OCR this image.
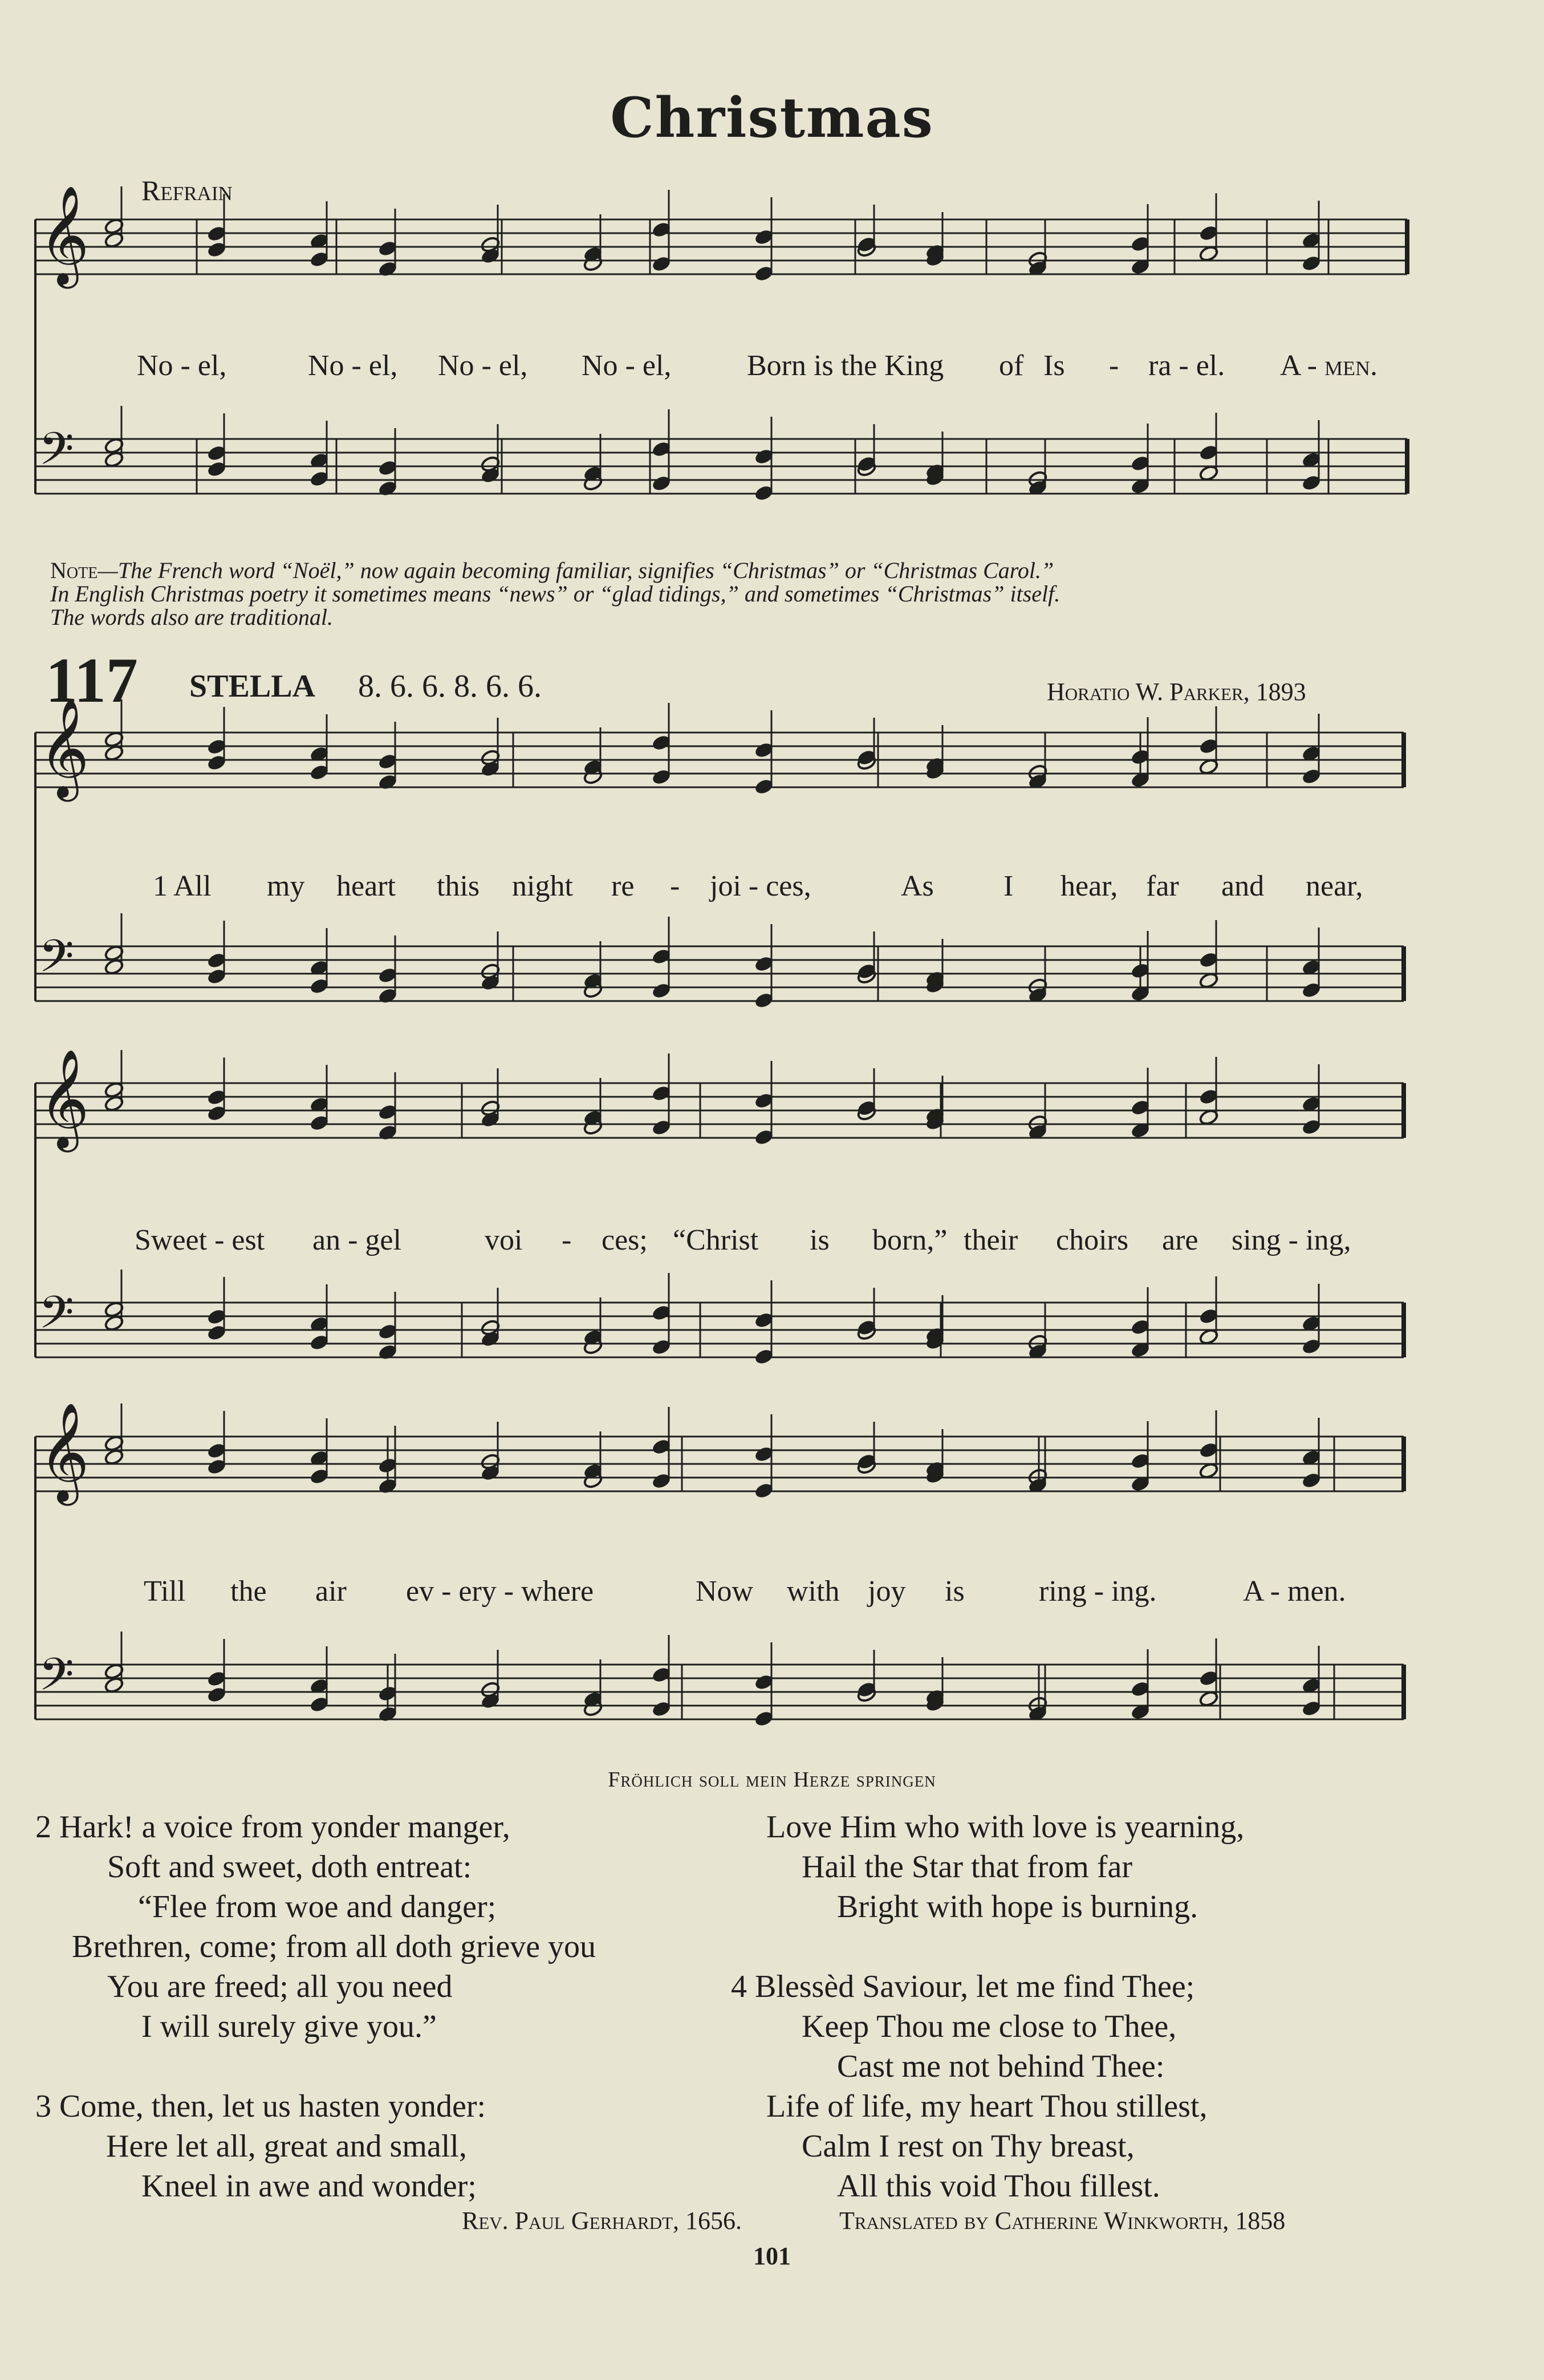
𝄞
𝄢
𝄞
𝄢
𝄞
𝄢
𝄞
𝄢
Christmas
Refrain
No - el,	No - el, No - el, No - el,	Born is the King of Is - ra - el. A - men.
Note—The French word “Noël,” now again becoming familiar, signifies “Christmas” or “Christmas Carol.”
In English Christmas poetry it sometimes means “news” or “glad tidings,” and sometimes “Christmas” itself.
The words also are traditional.
117 STELLA 8. 6. 6. 8. 6. 6.	Horatio W. Parker, 1893
1 All my heart this night re - joi - ces,	As I hear, far and near,
Sweet - est an - gel	voi - ces; “Christ is born,” their choirs are sing - ing,
Till the air ev - ery - where	Now with joy is	ring - ing.	A - men.
Fröhlich soll mein Herze springen
2 Hark! a voice from yonder manger,
Soft and sweet, doth entreat:
“Flee from woe and danger;
Brethren, come; from all doth grieve you
You are freed; all you need
I will surely give you.”
3 Come, then, let us hasten yonder:
Here let all, great and small,
Kneel in awe and wonder;
Love Him who with love is yearning,
Hail the Star that from far
Bright with hope is burning.
4 Blessèd Saviour, let me find Thee;
Keep Thou me close to Thee,
Cast me not behind Thee:
Life of life, my heart Thou stillest,
Calm I rest on Thy breast,
All this void Thou fillest.
Rev. Paul Gerhardt, 1656.	Translated by Catherine Winkworth, 1858
101
